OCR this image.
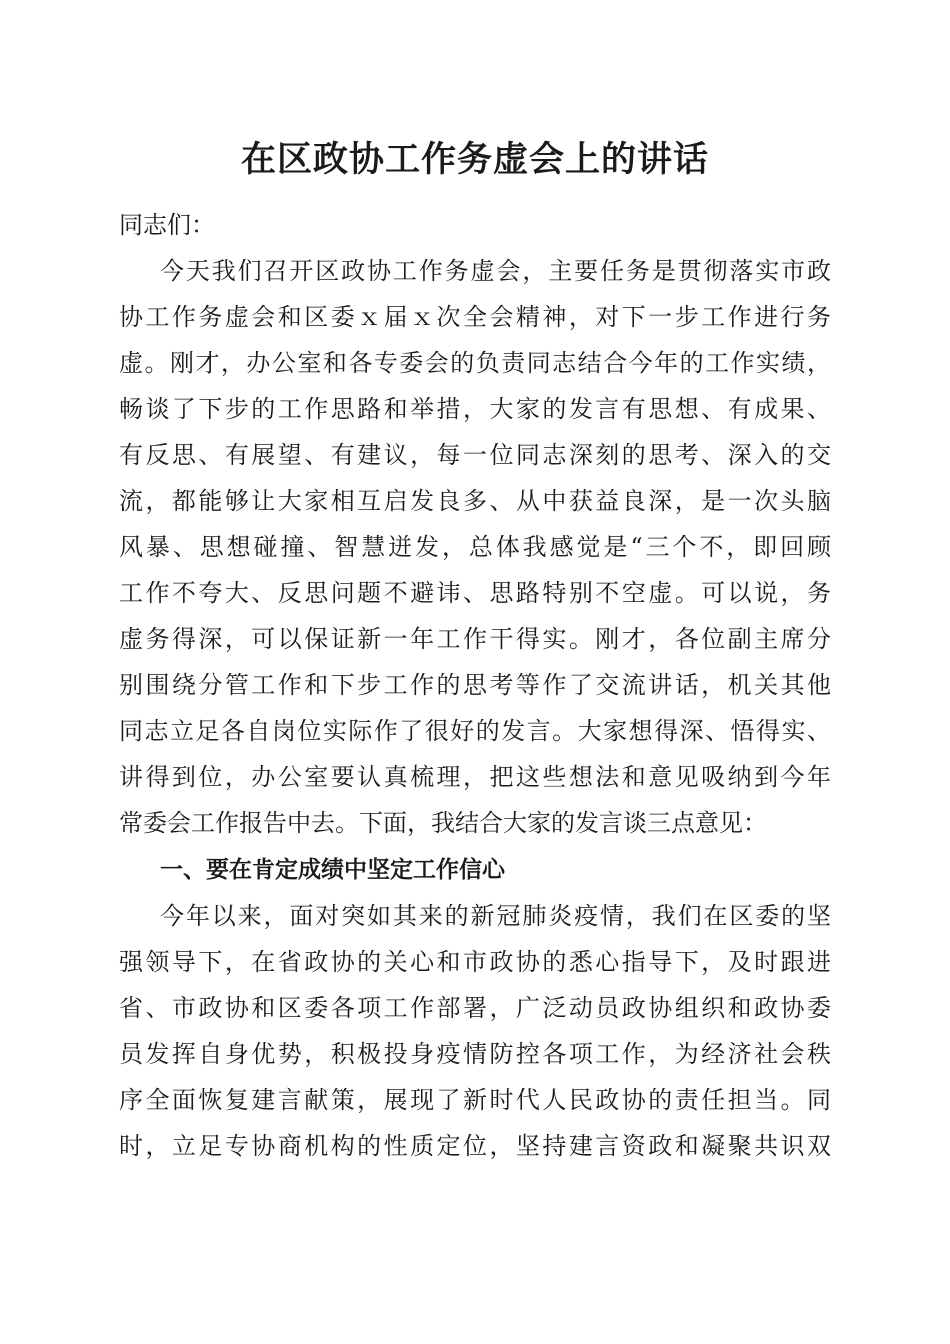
在区政协工作务虚会上的讲话
同志们：
今天我们召开区政协工作务虚会，主要任务是贯彻落实市政
协工作务虚会和区委ｘ届ｘ次全会精神，对下一步工作进行务
虚。刚才，办公室和各专委会的负责同志结合今年的工作实绩，
畅谈了下步的工作思路和举措，大家的发言有思想、有成果、
有反思、有展望、有建议，每一位同志深刻的思考、深入的交
流，都能够让大家相互启发良多、从中获益良深，是一次头脑
风暴、思想碰撞、智慧迸发，总体我感觉是“三个不，即回顾
工作不夸大、反思问题不避讳、思路特别不空虚。可以说，务
虚务得深，可以保证新一年工作干得实。刚才，各位副主席分
别围绕分管工作和下步工作的思考等作了交流讲话，机关其他
同志立足各自岗位实际作了很好的发言。大家想得深、悟得实、
讲得到位，办公室要认真梳理，把这些想法和意见吸纳到今年
常委会工作报告中去。下面，我结合大家的发言谈三点意见：
一、要在肯定成绩中坚定工作信心
今年以来，面对突如其来的新冠肺炎疫情，我们在区委的坚
强领导下，在省政协的关心和市政协的悉心指导下，及时跟进
省、市政协和区委各项工作部署，广泛动员政协组织和政协委
员发挥自身优势，积极投身疫情防控各项工作，为经济社会秩
序全面恢复建言献策，展现了新时代人民政协的责任担当。同
时，立足专协商机构的性质定位，坚持建言资政和凝聚共识双
